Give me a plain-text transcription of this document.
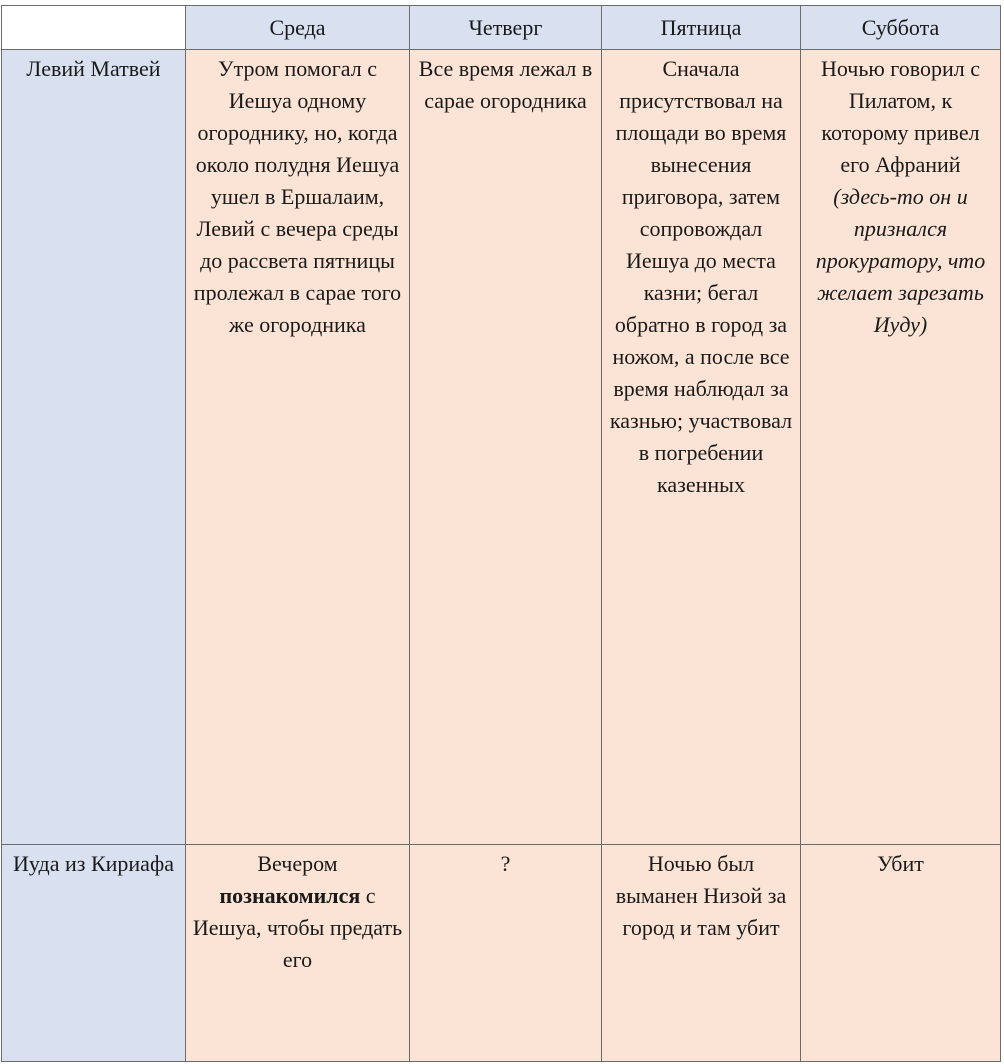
	Среда	Четверг	Пятница	Суббота
Левий Матвей	Утром помогал с Иешуа одному огороднику, но, когда около полудня Иешуа ушел в Ершалаим, Левий с вечера среды до рассвета пятницы пролежал в сарае того же огородника	Все время лежал в сарае огородника	Сначала присутствовал на площади во время вынесения приговора, затем сопровождал Иешуа до места казни; бегал обратно в город за ножом, а после все время наблюдал за казнью; участвовал в погребении казенных	Ночью говорил с Пилатом, к которому привел его Афраний (здесь-то он и признался прокуратору, что желает зарезать Иуду)
Иуда из Кириафа	Вечером познакомился с Иешуа, чтобы предать его	?	Ночью был выманен Низой за город и там убит	Убит
